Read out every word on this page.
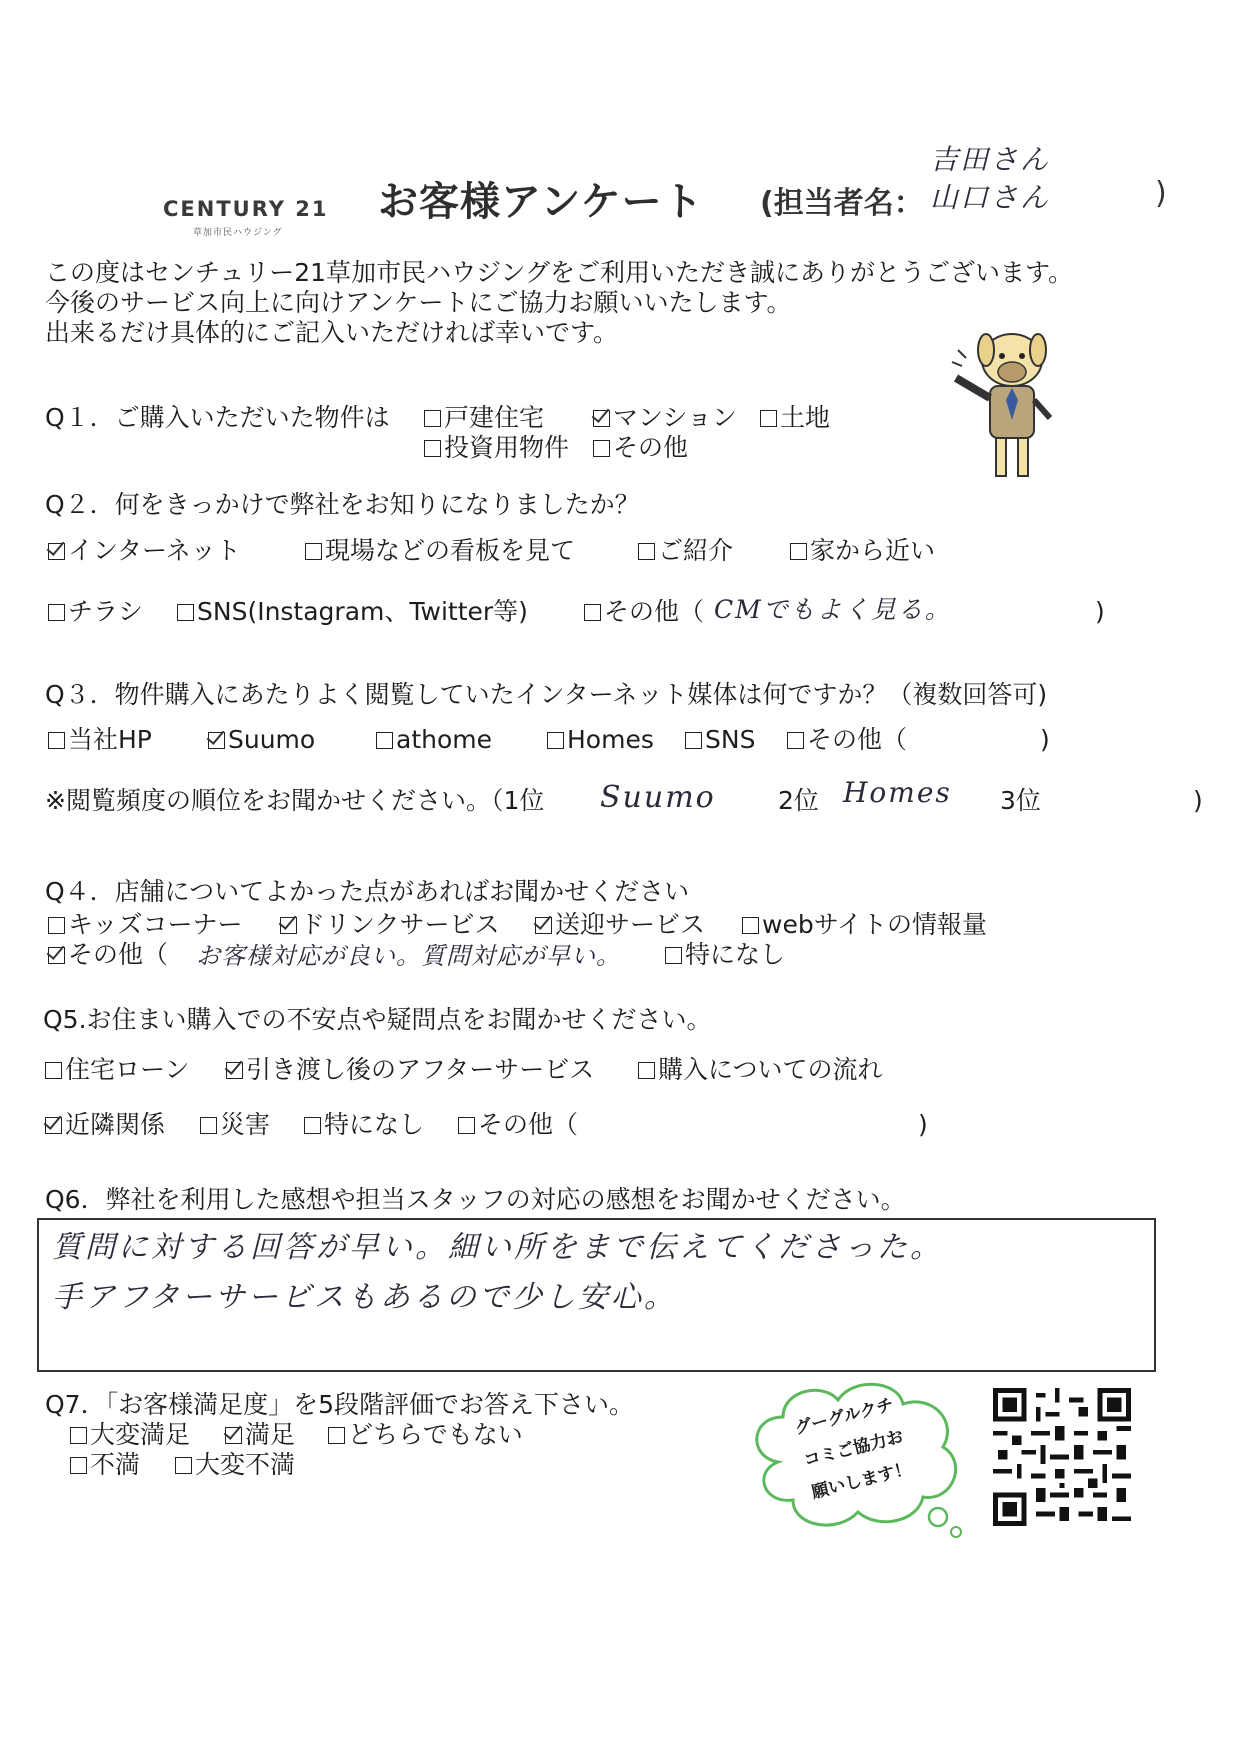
CENTURY 21
草加市民ハウジング
お客様アンケート (担当者名：
吉田さん
山口さん	)
この度はセンチュリー21草加市民ハウジングをご利用いただき誠にありがとうございます。
今後のサービス向上に向けアンケートにご協力お願いいたします。
出来るだけ具体的にご記入いただければ幸いです。
Q１．ご購入いただいた物件は	戸建住宅	マンション	土地
投資用物件	その他
Q２．何をきっかけで弊社をお知りになりましたか？
インターネット	現場などの看板を見て	ご紹介	家から近い
チラシ	SNS(Instagram、Twitter等)	その他（ CMでもよく見る。	)
Q３．物件購入にあたりよく閲覧していたインターネット媒体は何ですか？（複数回答可)
当社HP	Suumo	athome	Homes	SNS	その他（	)
※閲覧頻度の順位をお聞かせください。（1位 Suumo 2位 Homes 3位	)
Q４．店舗についてよかった点があればお聞かせください
キッズコーナー	ドリンクサービス	送迎サービス	webサイトの情報量
その他（ お客様対応が良い。質問対応が早い。	特になし
Q5.お住まい購入での不安点や疑問点をお聞かせください。
住宅ローン	引き渡し後のアフターサービス	購入についての流れ
近隣関係	災害	特になし	その他（	)
Q6．弊社を利用した感想や担当スタッフの対応の感想をお聞かせください。
質問に対する回答が早い。細い所をまで伝えてくださった。
手アフターサービスもあるので少し安心。
Q7．「お客様満足度」を5段階評価でお答え下さい。
大変満足	満足	どちらでもない
不満	大変不満
グーグルクチ
コミご協力お
願いします！
